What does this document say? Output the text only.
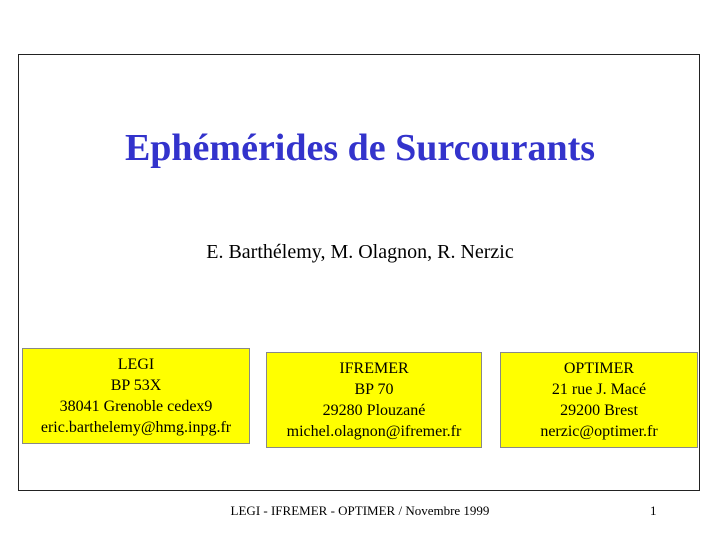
Ephémérides de Surcourants
E. Barthélemy, M. Olagnon, R. Nerzic
LEGI
BP 53X
38041 Grenoble cedex9
eric.barthelemy@hmg.inpg.fr
IFREMER
BP 70
29280 Plouzané
michel.olagnon@ifremer.fr
OPTIMER
21 rue J. Macé
29200 Brest
nerzic@optimer.fr
LEGI - IFREMER - OPTIMER / Novembre 1999	1
